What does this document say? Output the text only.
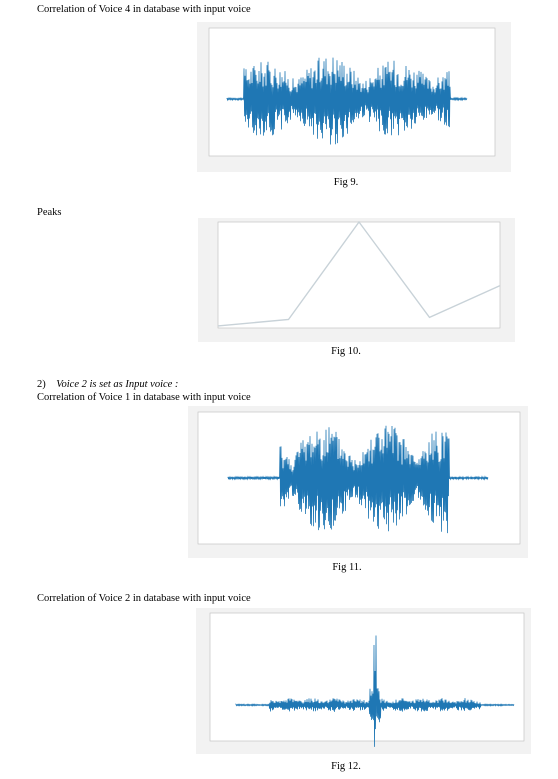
Correlation of Voice 4 in database with input voice
Fig 9.
Peaks
Fig 10.
2) Voice 2 is set as Input voice :
Correlation of Voice 1 in database with input voice
Fig 11.
Correlation of Voice 2 in database with input voice
Fig 12.
